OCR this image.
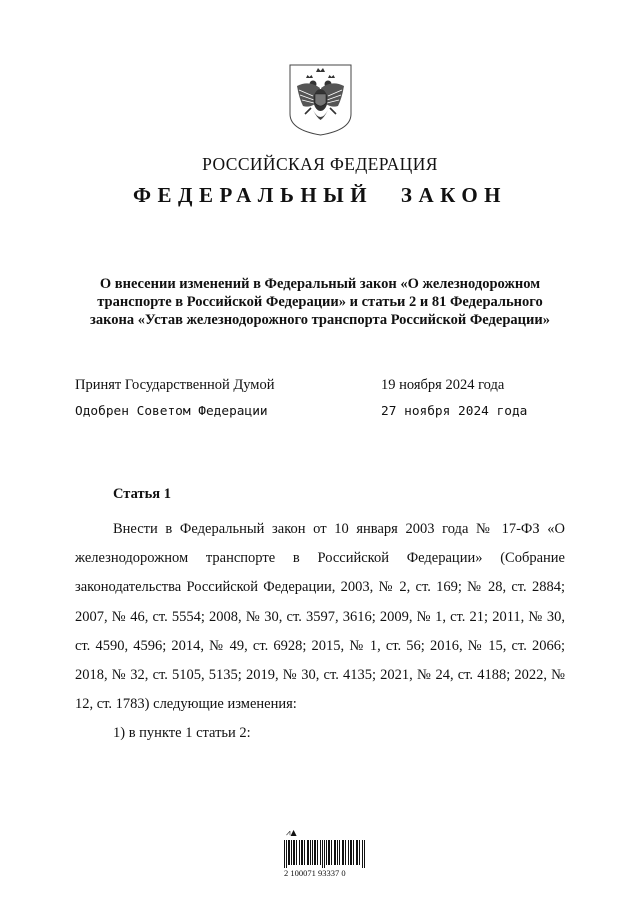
РОССИЙСКАЯ ФЕДЕРАЦИЯ
ФЕДЕРАЛЬНЫЙ ЗАКОН
О внесении изменений в Федеральный закон «О железнодорожном
транспорте в Российской Федерации» и статьи 2 и 81 Федерального
закона «Устав железнодорожного транспорта Российской Федерации»
Принят Государственной Думой	19 ноября 2024 года
Одобрен Советом Федерации	27 ноября 2024 года
Статья 1

Внести в Федеральный закон от 10 января 2003 года № 17-ФЗ «О железнодорожном транспорте в Российской Федерации» (Собрание законодательства Российской Федерации, 2003, № 2, ст. 169; № 28, ст. 2884; 2007, № 46, ст. 5554; 2008, № 30, ст. 3597, 3616; 2009, № 1, ст. 21; 2011, № 30, ст. 4590, 4596; 2014, № 49, ст. 6928; 2015, № 1, ст. 56; 2016, № 15, ст. 2066; 2018, № 32, ст. 5105, 5135; 2019, № 30, ст. 4135; 2021, № 24, ст. 4188; 2022, № 12, ст. 1783) следующие изменения:

1) в пункте 1 статьи 2:

⩘▲
2 100071 93337 0
